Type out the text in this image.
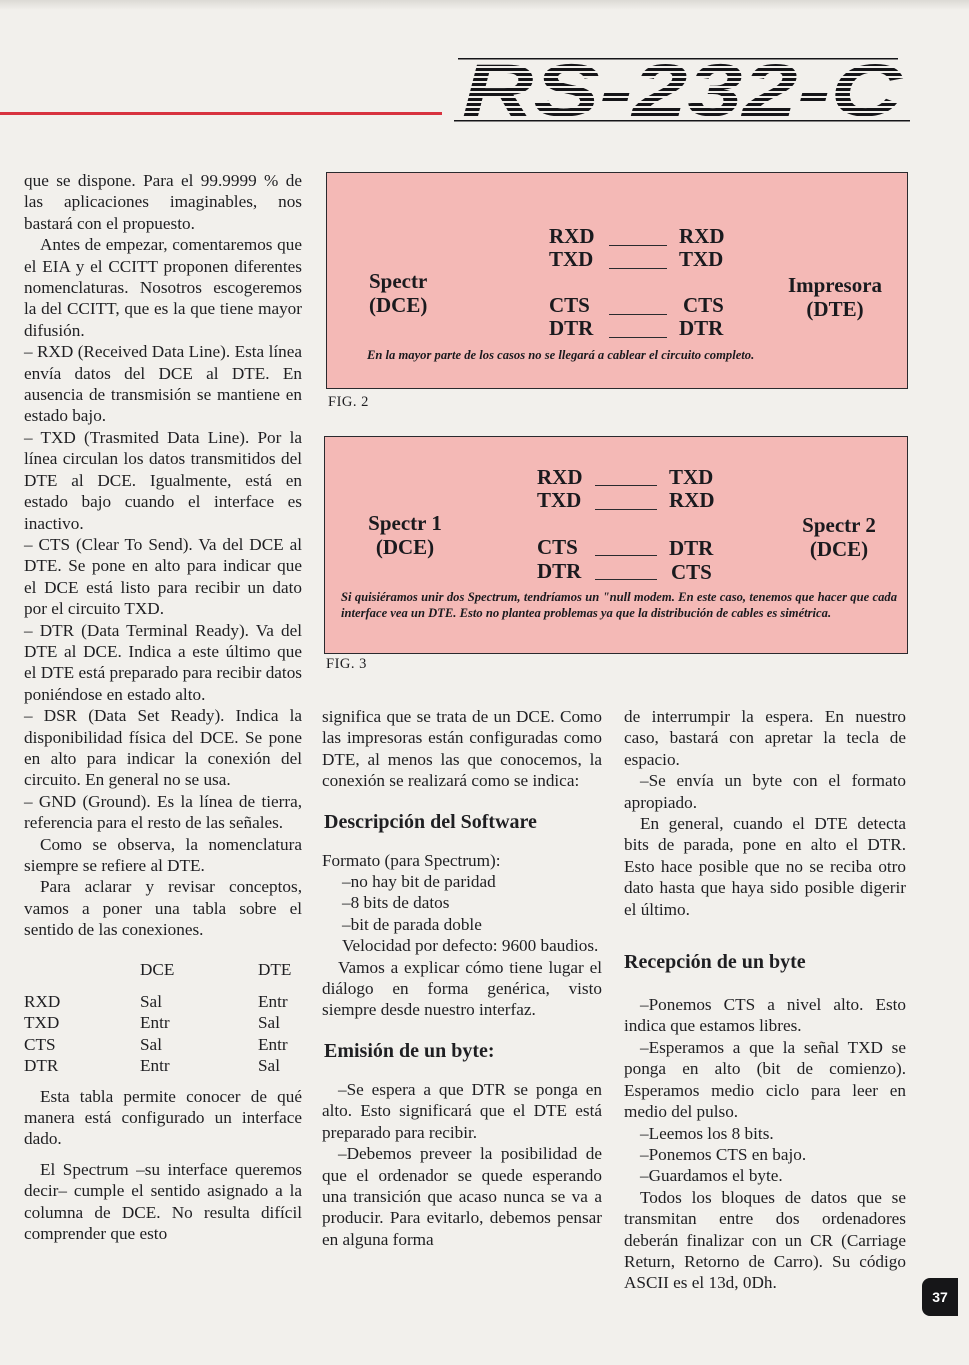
que se dispone. Para el 99.9999 % de las aplicaciones imaginables, nos bastará con el propuesto.

Antes de empezar, comentaremos que el EIA y el CCITT proponen diferentes nomenclaturas. Nosotros escogeremos la del CCITT, que es la que tiene mayor difusión.

– RXD (Received Data Line). Esta línea envía datos del DCE al DTE. En ausencia de transmisión se mantiene en estado bajo.

– TXD (Trasmited Data Line). Por la línea circulan los datos transmitidos del DTE al DCE. Igualmente, está en estado bajo cuando el interface es inactivo.

– CTS (Clear To Send). Va del DCE al DTE. Se pone en alto para indicar que el DCE está listo para recibir un dato por el circuito TXD.

– DTR (Data Terminal Ready). Va del DTE al DCE. Indica a este último que el DTE está preparado para recibir datos poniéndose en estado alto.

– DSR (Data Set Ready). Indica la disponibilidad física del DCE. Se pone en alto para indicar la conexión del circuito. En general no se usa.

– GND (Ground). Es la línea de tierra, referencia para el resto de las señales.

Como se observa, la nomenclatura siempre se refiere al DTE.

Para aclarar y revisar conceptos, vamos a poner una tabla sobre el sentido de las conexiones.

	DCE	DTE
RXD	Sal	Entr
TXD	Entr	Sal
CTS	Sal	Entr
DTR	Entr	Sal

Esta tabla permite conocer de qué manera está configurado un interface dado.

El Spectrum –su interface queremos decir– cumple el sentido asignado a la columna de DCE. No resulta difícil comprender que esto

Spectr
(DCE)
Impresora
(DTE)
RXD
TXD
CTS
DTR
RXD
TXD
CTS
DTR
En la mayor parte de los casos no se llegará a cablear el circuito completo.
FIG. 2
Spectr 1
(DCE)
Spectr 2
(DCE)
RXD
TXD
CTS
DTR
TXD
RXD
DTR
CTS
Si quisiéramos unir dos Spectrum, tendríamos un "null modem. En este caso, tenemos que hacer que cada interface vea un DTE. Esto no plantea problemas ya que la distribución de cables es simétrica.
FIG. 3

significa que se trata de un DCE. Como las impresoras están configuradas como DTE, al menos las que conocemos, la conexión se realizará como se indica:

Descripción del Software

Formato (para Spectrum):

–no hay bit de paridad

–8 bits de datos

–bit de parada doble

Velocidad por defecto: 9600 baudios.

Vamos a explicar cómo tiene lugar el diálogo en forma genérica, visto siempre desde nuestro interfaz.

Emisión de un byte:

–Se espera a que DTR se ponga en alto. Esto significará que el DTE está preparado para recibir.

–Debemos preveer la posibilidad de que el ordenador se quede esperando una transición que acaso nunca se va a producir. Para evitarlo, debemos pensar en alguna forma

de interrumpir la espera. En nuestro caso, bastará con apretar la tecla de espacio.

–Se envía un byte con el formato apropiado.

En general, cuando el DTE detecta bits de parada, pone en alto el DTR. Esto hace posible que no se reciba otro dato hasta que haya sido posible digerir el último.

Recepción de un byte

–Ponemos CTS a nivel alto. Esto indica que estamos libres.

–Esperamos a que la señal TXD se ponga en alto (bit de comienzo). Esperamos medio ciclo para leer en medio del pulso.

–Leemos los 8 bits.

–Ponemos CTS en bajo.

–Guardamos el byte.

Todos los bloques de datos que se transmitan entre dos ordenadores deberán finalizar con un CR (Carriage Return, Retorno de Carro). Su código ASCII es el 13d, 0Dh.

37
